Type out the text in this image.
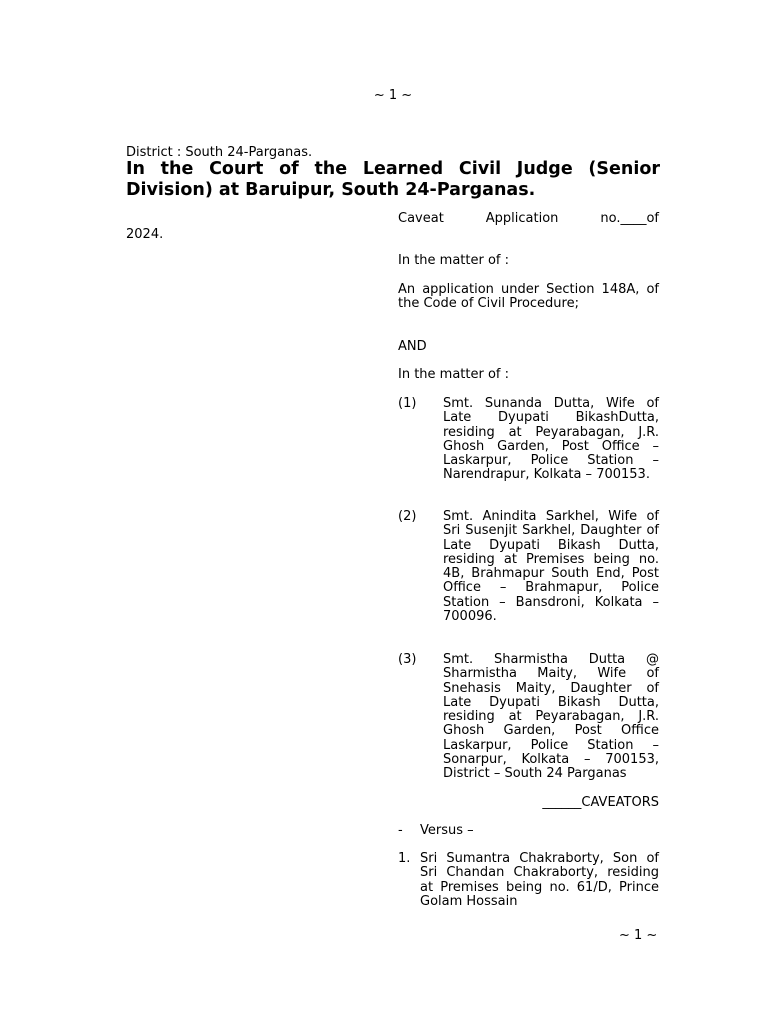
~ 1 ~
District : South 24-Parganas.
In the Court of the Learned Civil Judge (Senior Division) at Baruipur, South 24-Parganas.
Caveat	Application	no.____of
2024.
In the matter of :
An application under Section 148A, of the Code of Civil Procedure;
AND
In the matter of :
(1)	Smt. Sunanda Dutta, Wife of Late Dyupati BikashDutta, residing at Peyarabagan, J.R. Ghosh Garden, Post Office – Laskarpur, Police Station – Narendrapur, Kolkata – 700153.
(2)	Smt. Anindita Sarkhel, Wife of Sri Susenjit Sarkhel, Daughter of Late Dyupati Bikash Dutta, residing at Premises being no. 4B, Brahmapur South End, Post Office – Brahmapur, Police Station – Bansdroni, Kolkata – 700096.
(3)	Smt. Sharmistha Dutta @ Sharmistha Maity, Wife of Snehasis Maity, Daughter of Late Dyupati Bikash Dutta, residing at Peyarabagan, J.R. Ghosh Garden, Post Office Laskarpur, Police Station – Sonarpur, Kolkata – 700153, District – South 24 Parganas
______CAVEATORS
- Versus –
1. Sri Sumantra Chakraborty, Son of Sri Chandan Chakraborty, residing at Premises being no. 61/D, Prince Golam Hossain
~ 1 ~
